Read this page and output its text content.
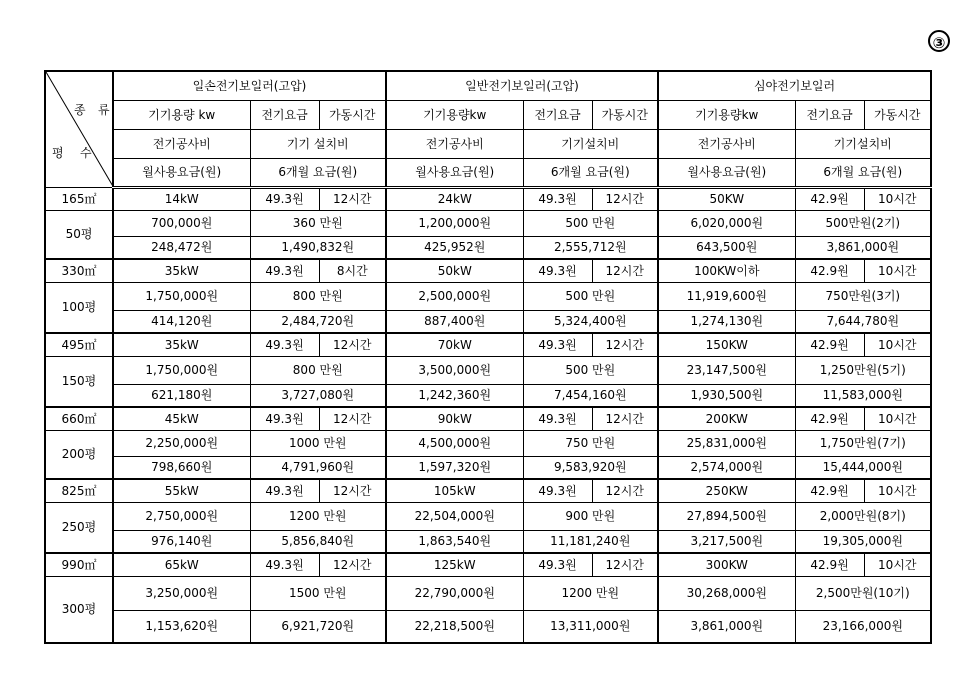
③
종 류
평 수	일손전기보일러(고압)			일반전기보일러(고압)			심야전기보일러		
	기기용량 kw	전기요금	가동시간	기기용량kw	전기요금	가동시간	기기용량kw	전기요금	가동시간
	전기공사비	기기 설치비		전기공사비	기기설치비		전기공사비	기기설치비	
	월사용요금(원)	6개월 요금(원)		월사용요금(원)	6개월 요금(원)		월사용요금(원)	6개월 요금(원)	
165㎡	14kW	49.3원	12시간	24kW	49.3원	12시간	50KW	42.9원	10시간
50평	700,000원	360 만원		1,200,000원	500 만원		6,020,000원	500만원(2기)	
	248,472원	1,490,832원		425,952원	2,555,712원		643,500원	3,861,000원	
330㎡	35kW	49.3원	8시간	50kW	49.3원	12시간	100KW이하	42.9원	10시간
100평	1,750,000원	800 만원		2,500,000원	500 만원		11,919,600원	750만원(3기)	
	414,120원	2,484,720원		887,400원	5,324,400원		1,274,130원	7,644,780원	
495㎡	35kW	49.3원	12시간	70kW	49.3원	12시간	150KW	42.9원	10시간
150평	1,750,000원	800 만원		3,500,000원	500 만원		23,147,500원	1,250만원(5기)	
	621,180원	3,727,080원		1,242,360원	7,454,160원		1,930,500원	11,583,000원	
660㎡	45kW	49.3원	12시간	90kW	49.3원	12시간	200KW	42.9원	10시간
200평	2,250,000원	1000 만원		4,500,000원	750 만원		25,831,000원	1,750만원(7기)	
	798,660원	4,791,960원		1,597,320원	9,583,920원		2,574,000원	15,444,000원	
825㎡	55kW	49.3원	12시간	105kW	49.3원	12시간	250KW	42.9원	10시간
250평	2,750,000원	1200 만원		22,504,000원	900 만원		27,894,500원	2,000만원(8기)	
	976,140원	5,856,840원		1,863,540원	11,181,240원		3,217,500원	19,305,000원	
990㎡	65kW	49.3원	12시간	125kW	49.3원	12시간	300KW	42.9원	10시간
300평	3,250,000원	1500 만원		22,790,000원	1200 만원		30,268,000원	2,500만원(10기)	
	1,153,620원	6,921,720원		22,218,500원	13,311,000원		3,861,000원	23,166,000원	
